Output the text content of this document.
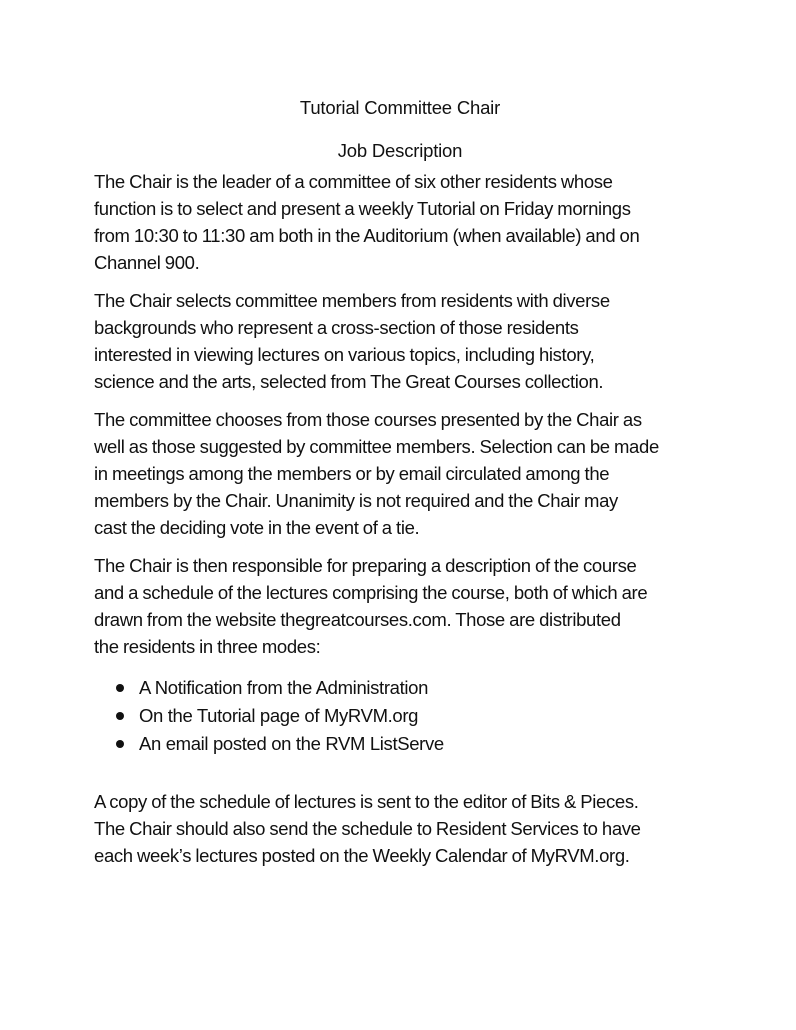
Tutorial Committee Chair
Job Description

The Chair is the leader of a committee of six other residents whose
function is to select and present a weekly Tutorial on Friday mornings
from 10:30 to 11:30 am both in the Auditorium (when available) and on
Channel 900.

The Chair selects committee members from residents with diverse
backgrounds who represent a cross-section of those residents
interested in viewing lectures on various topics, including history,
science and the arts, selected from The Great Courses collection.

The committee chooses from those courses presented by the Chair as
well as those suggested by committee members. Selection can be made
in meetings among the members or by email circulated among the
members by the Chair. Unanimity is not required and the Chair may
cast the deciding vote in the event of a tie.

The Chair is then responsible for preparing a description of the course
and a schedule of the lectures comprising the course, both of which are
drawn from the website thegreatcourses.com. Those are distributed
the residents in three modes:

A Notification from the Administration
On the Tutorial page of MyRVM.org
An email posted on the RVM ListServe

A copy of the schedule of lectures is sent to the editor of Bits & Pieces.
The Chair should also send the schedule to Resident Services to have
each week’s lectures posted on the Weekly Calendar of MyRVM.org.
